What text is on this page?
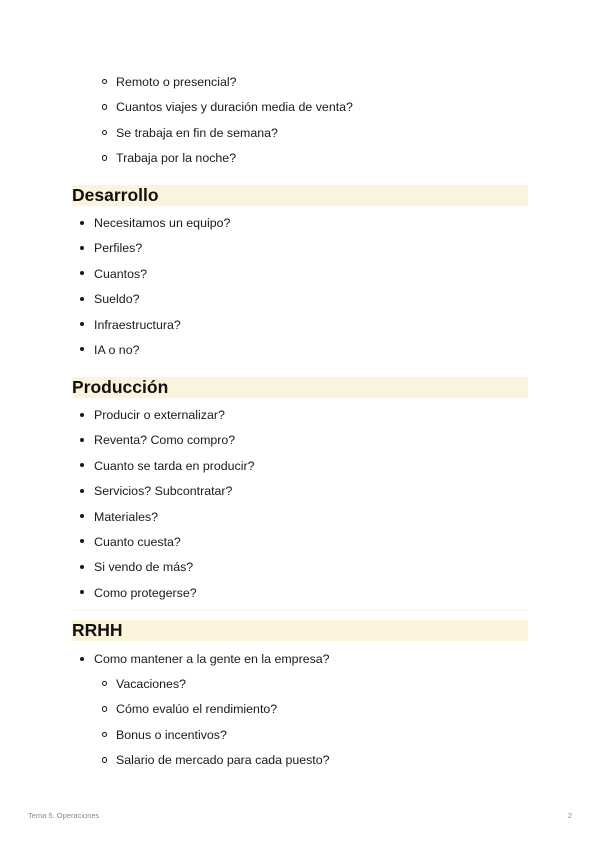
Remoto o presencial?
Cuantos viajes y duración media de venta?
Se trabaja en fin de semana?
Trabaja por la noche?
Desarrollo
Necesitamos un equipo?
Perfiles?
Cuantos?
Sueldo?
Infraestructura?
IA o no?
Producción
Producir o externalizar?
Reventa? Como compro?
Cuanto se tarda en producir?
Servicios? Subcontratar?
Materiales?
Cuanto cuesta?
Si vendo de más?
Como protegerse?
RRHH
Como mantener a la gente en la empresa?
Vacaciones?
Cómo evalúo el rendimiento?
Bonus o incentivos?
Salario de mercado para cada puesto?
Tema 5. Operaciones	2
